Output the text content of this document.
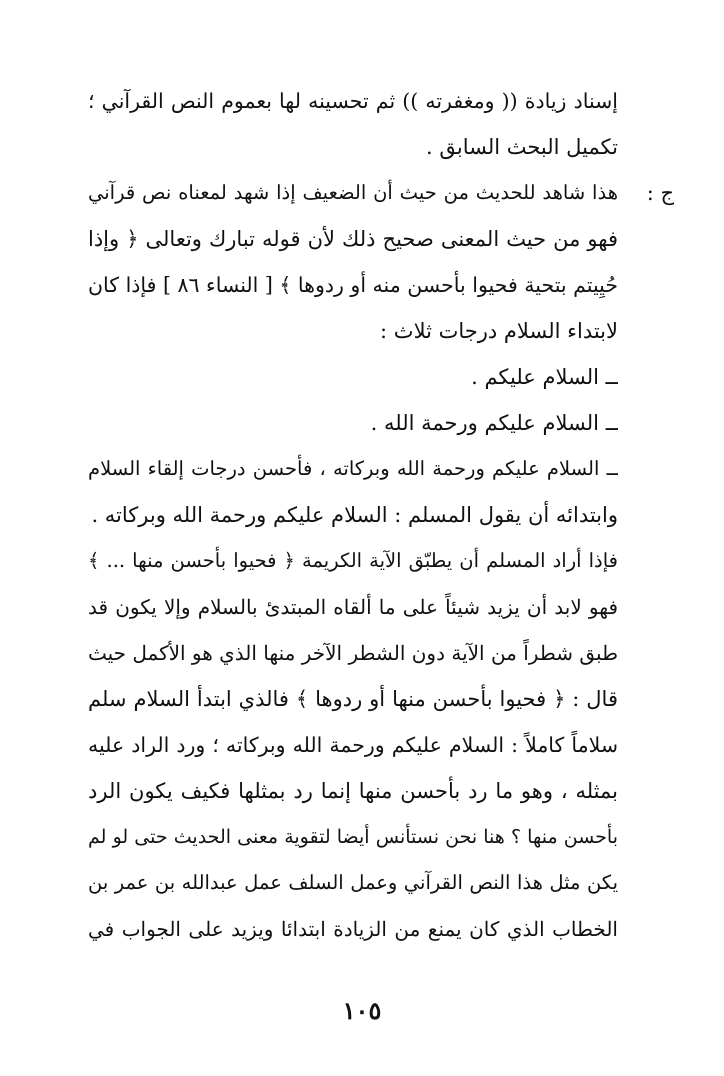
ج :
إسناد زيادة (( ومغفرته )) ثم تحسينه لها بعموم النص القرآني ؛
تكميل البحث السابق .
هذا شاهد للحديث من حيث أن الضعيف إذا شهد لمعناه نص قرآني
فهو من حيث المعنى صحيح ذلك لأن قوله تبارك وتعالى ﴿ وإذا
حُيِيتم بتحية فحيوا بأحسن منه أو ردوها ﴾ [ النساء ٨٦ ] فإذا كان
لابتداء السلام درجات ثلاث :
ــ السلام عليكم .
ــ السلام عليكم ورحمة الله .
ــ السلام عليكم ورحمة الله وبركاته ، فأحسن درجات إلقاء السلام
وابتدائه أن يقول المسلم : السلام عليكم ورحمة الله وبركاته .
فإذا أراد المسلم أن يطبّق الآية الكريمة ﴿ فحيوا بأحسن منها ... ﴾
فهو لابد أن يزيد شيئاً على ما ألقاه المبتدئ بالسلام وإلا يكون قد
طبق شطراً من الآية دون الشطر الآخر منها الذي هو الأكمل حيث
قال : ﴿ فحيوا بأحسن منها أو ردوها ﴾ فالذي ابتدأ السلام سلم
سلاماً كاملاً : السلام عليكم ورحمة الله وبركاته ؛ ورد الراد عليه
بمثله ، وهو ما رد بأحسن منها إنما رد بمثلها فكيف يكون الرد
بأحسن منها ؟ هنا نحن نستأنس أيضا لتقوية معنى الحديث حتى لو لم
يكن مثل هذا النص القرآني وعمل السلف عمل عبدالله بن عمر بن
الخطاب الذي كان يمنع من الزيادة ابتدائا ويزيد على الجواب في
١٠٥
